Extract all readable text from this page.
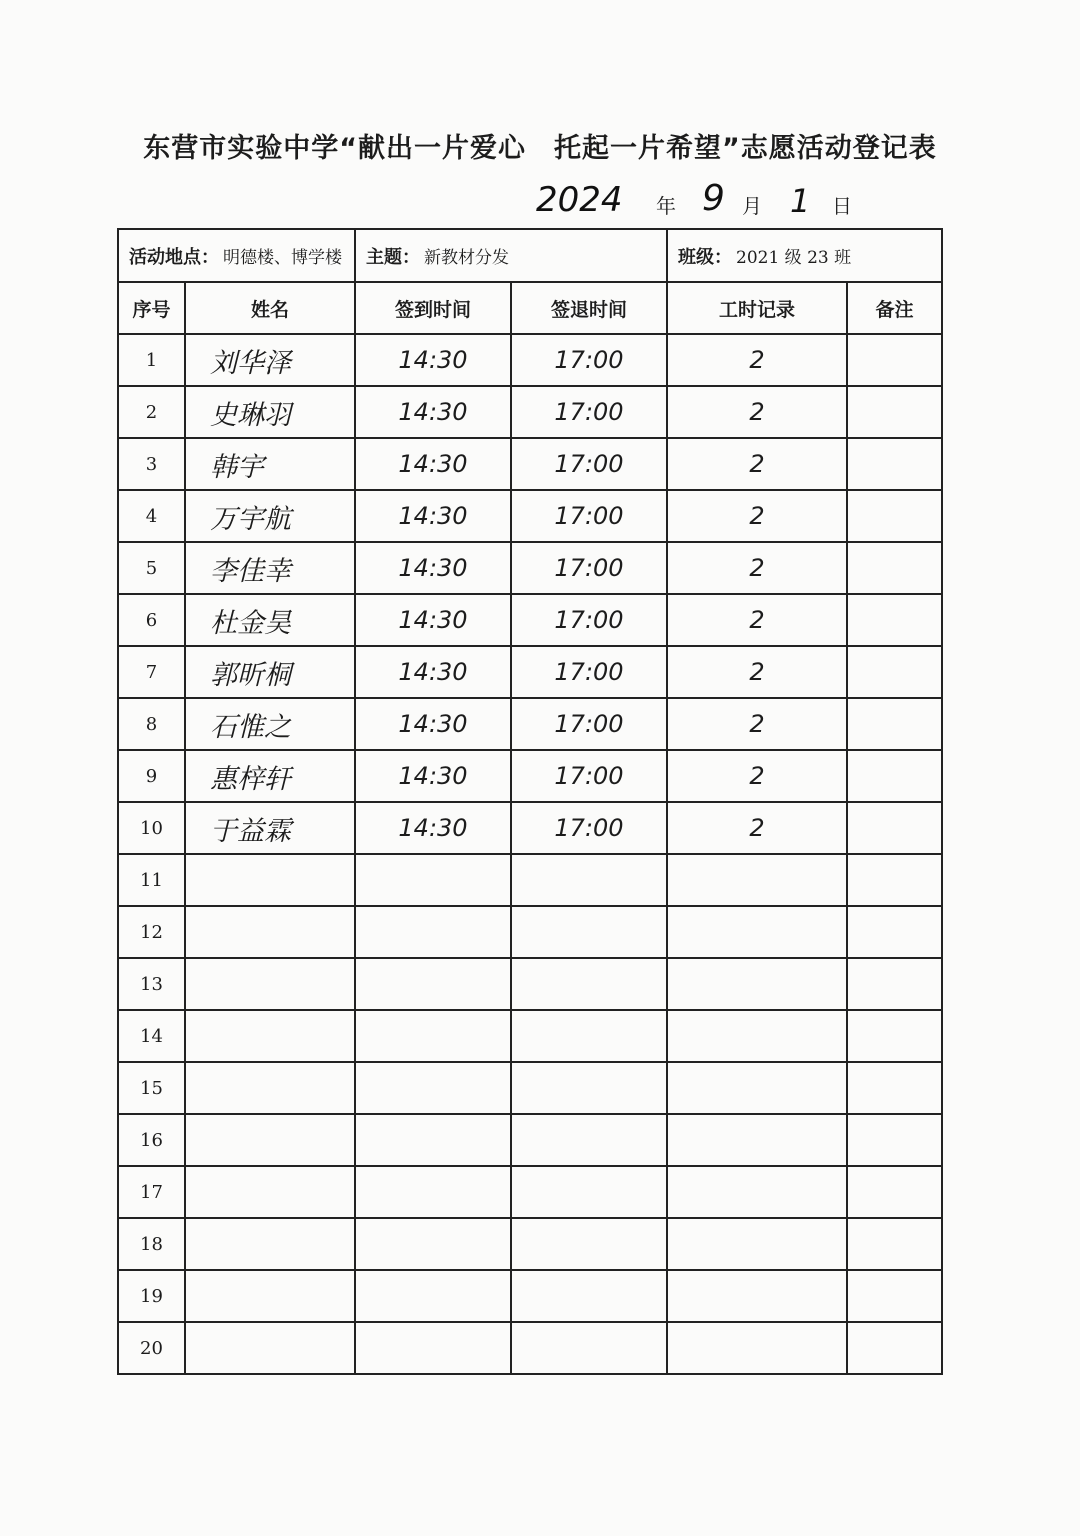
东营市实验中学“献出一片爱心　托起一片希望”志愿活动登记表
2024 年 9 月 1 日
活动地点： 明德楼、博学楼		主题： 新教材分发		班级： 2021 级 23 班	
序号	姓名	签到时间	签退时间	工时记录	备注
1	刘华泽	14:30	17:00	2	
2	史琳羽	14:30	17:00	2	
3	韩宇	14:30	17:00	2	
4	万宇航	14:30	17:00	2	
5	李佳幸	14:30	17:00	2	
6	杜金昊	14:30	17:00	2	
7	郭昕桐	14:30	17:00	2	
8	石惟之	14:30	17:00	2	
9	惠梓轩	14:30	17:00	2	
10	于益霖	14:30	17:00	2	
11					
12					
13					
14					
15					
16					
17					
18					
19					
20					
